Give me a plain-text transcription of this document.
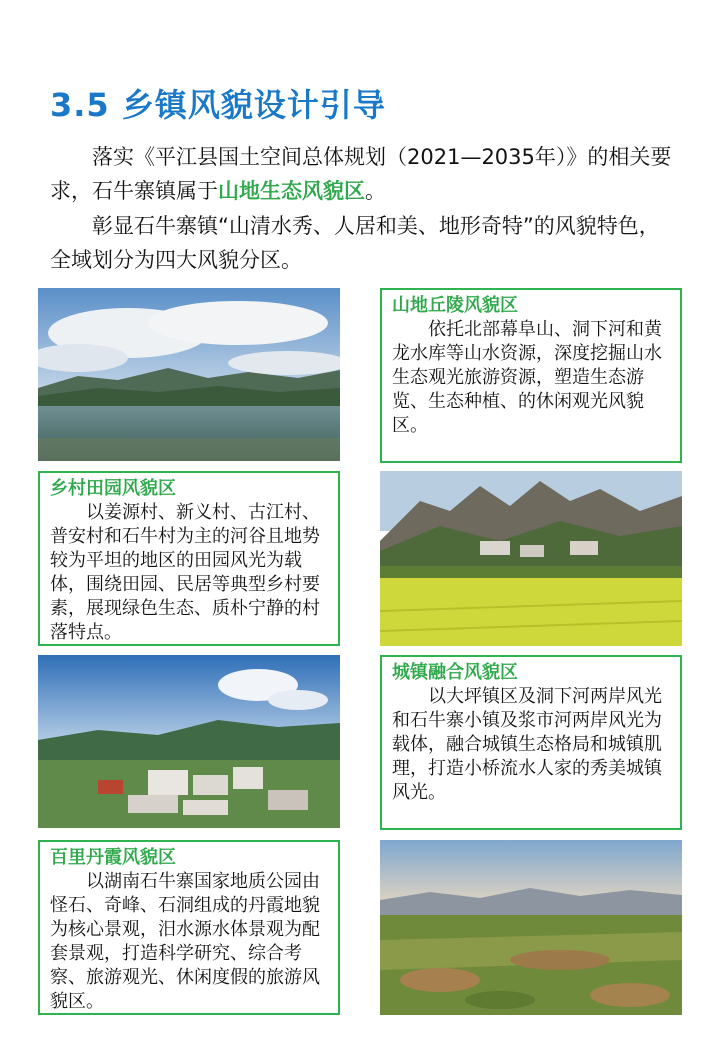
3.5 乡镇风貌设计引导
落实《平江县国土空间总体规划（2021—2035年）》的相关要求，石牛寨镇属于山地生态风貌区。
彰显石牛寨镇“山清水秀、人居和美、地形奇特”的风貌特色，全域划分为四大风貌分区。
山地丘陵风貌区

依托北部幕阜山、洞下河和黄龙水库等山水资源，深度挖掘山水生态观光旅游资源，塑造生态游览、生态种植、的休闲观光风貌区。

乡村田园风貌区

以姜源村、新义村、古江村、普安村和石牛村为主的河谷且地势较为平坦的地区的田园风光为载体，围绕田园、民居等典型乡村要素，展现绿色生态、质朴宁静的村落特点。

城镇融合风貌区

以大坪镇区及洞下河两岸风光和石牛寨小镇及浆市河两岸风光为载体，融合城镇生态格局和城镇肌理，打造小桥流水人家的秀美城镇风光。

百里丹霞风貌区

以湖南石牛寨国家地质公园由怪石、奇峰、石洞组成的丹霞地貌为核心景观，汨水源水体景观为配套景观，打造科学研究、综合考察、旅游观光、休闲度假的旅游风貌区。
